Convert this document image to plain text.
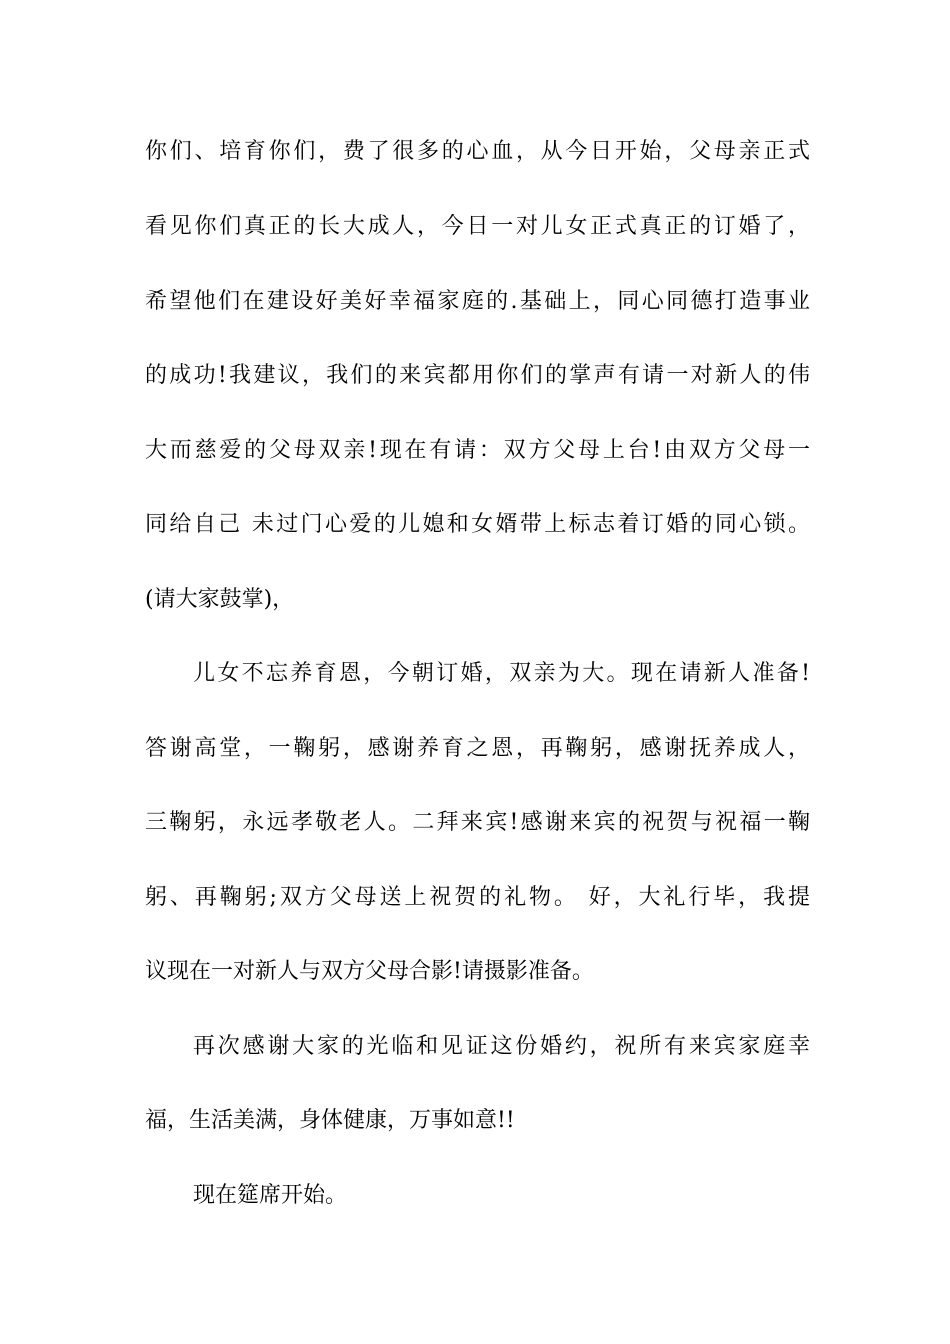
你们、培育你们，费了很多的心血，从今日开始，父母亲正式
看见你们真正的长大成人，今日一对儿女正式真正的订婚了，
希望他们在建设好美好幸福家庭的.基础上，同心同德打造事业
的成功!我建议，我们的来宾都用你们的掌声有请一对新人的伟
大而慈爱的父母双亲!现在有请：双方父母上台!由双方父母一
同给自己 未过门心爱的儿媳和女婿带上标志着订婚的同心锁。
(请大家鼓掌)，
儿女不忘养育恩，今朝订婚，双亲为大。现在请新人准备!
答谢高堂，一鞠躬，感谢养育之恩，再鞠躬，感谢抚养成人，
三鞠躬，永远孝敬老人。二拜来宾!感谢来宾的祝贺与祝福一鞠
躬、再鞠躬;双方父母送上祝贺的礼物。 好，大礼行毕，我提
议现在一对新人与双方父母合影!请摄影准备。
再次感谢大家的光临和见证这份婚约，祝所有来宾家庭幸
福，生活美满，身体健康，万事如意!!
现在筵席开始。
